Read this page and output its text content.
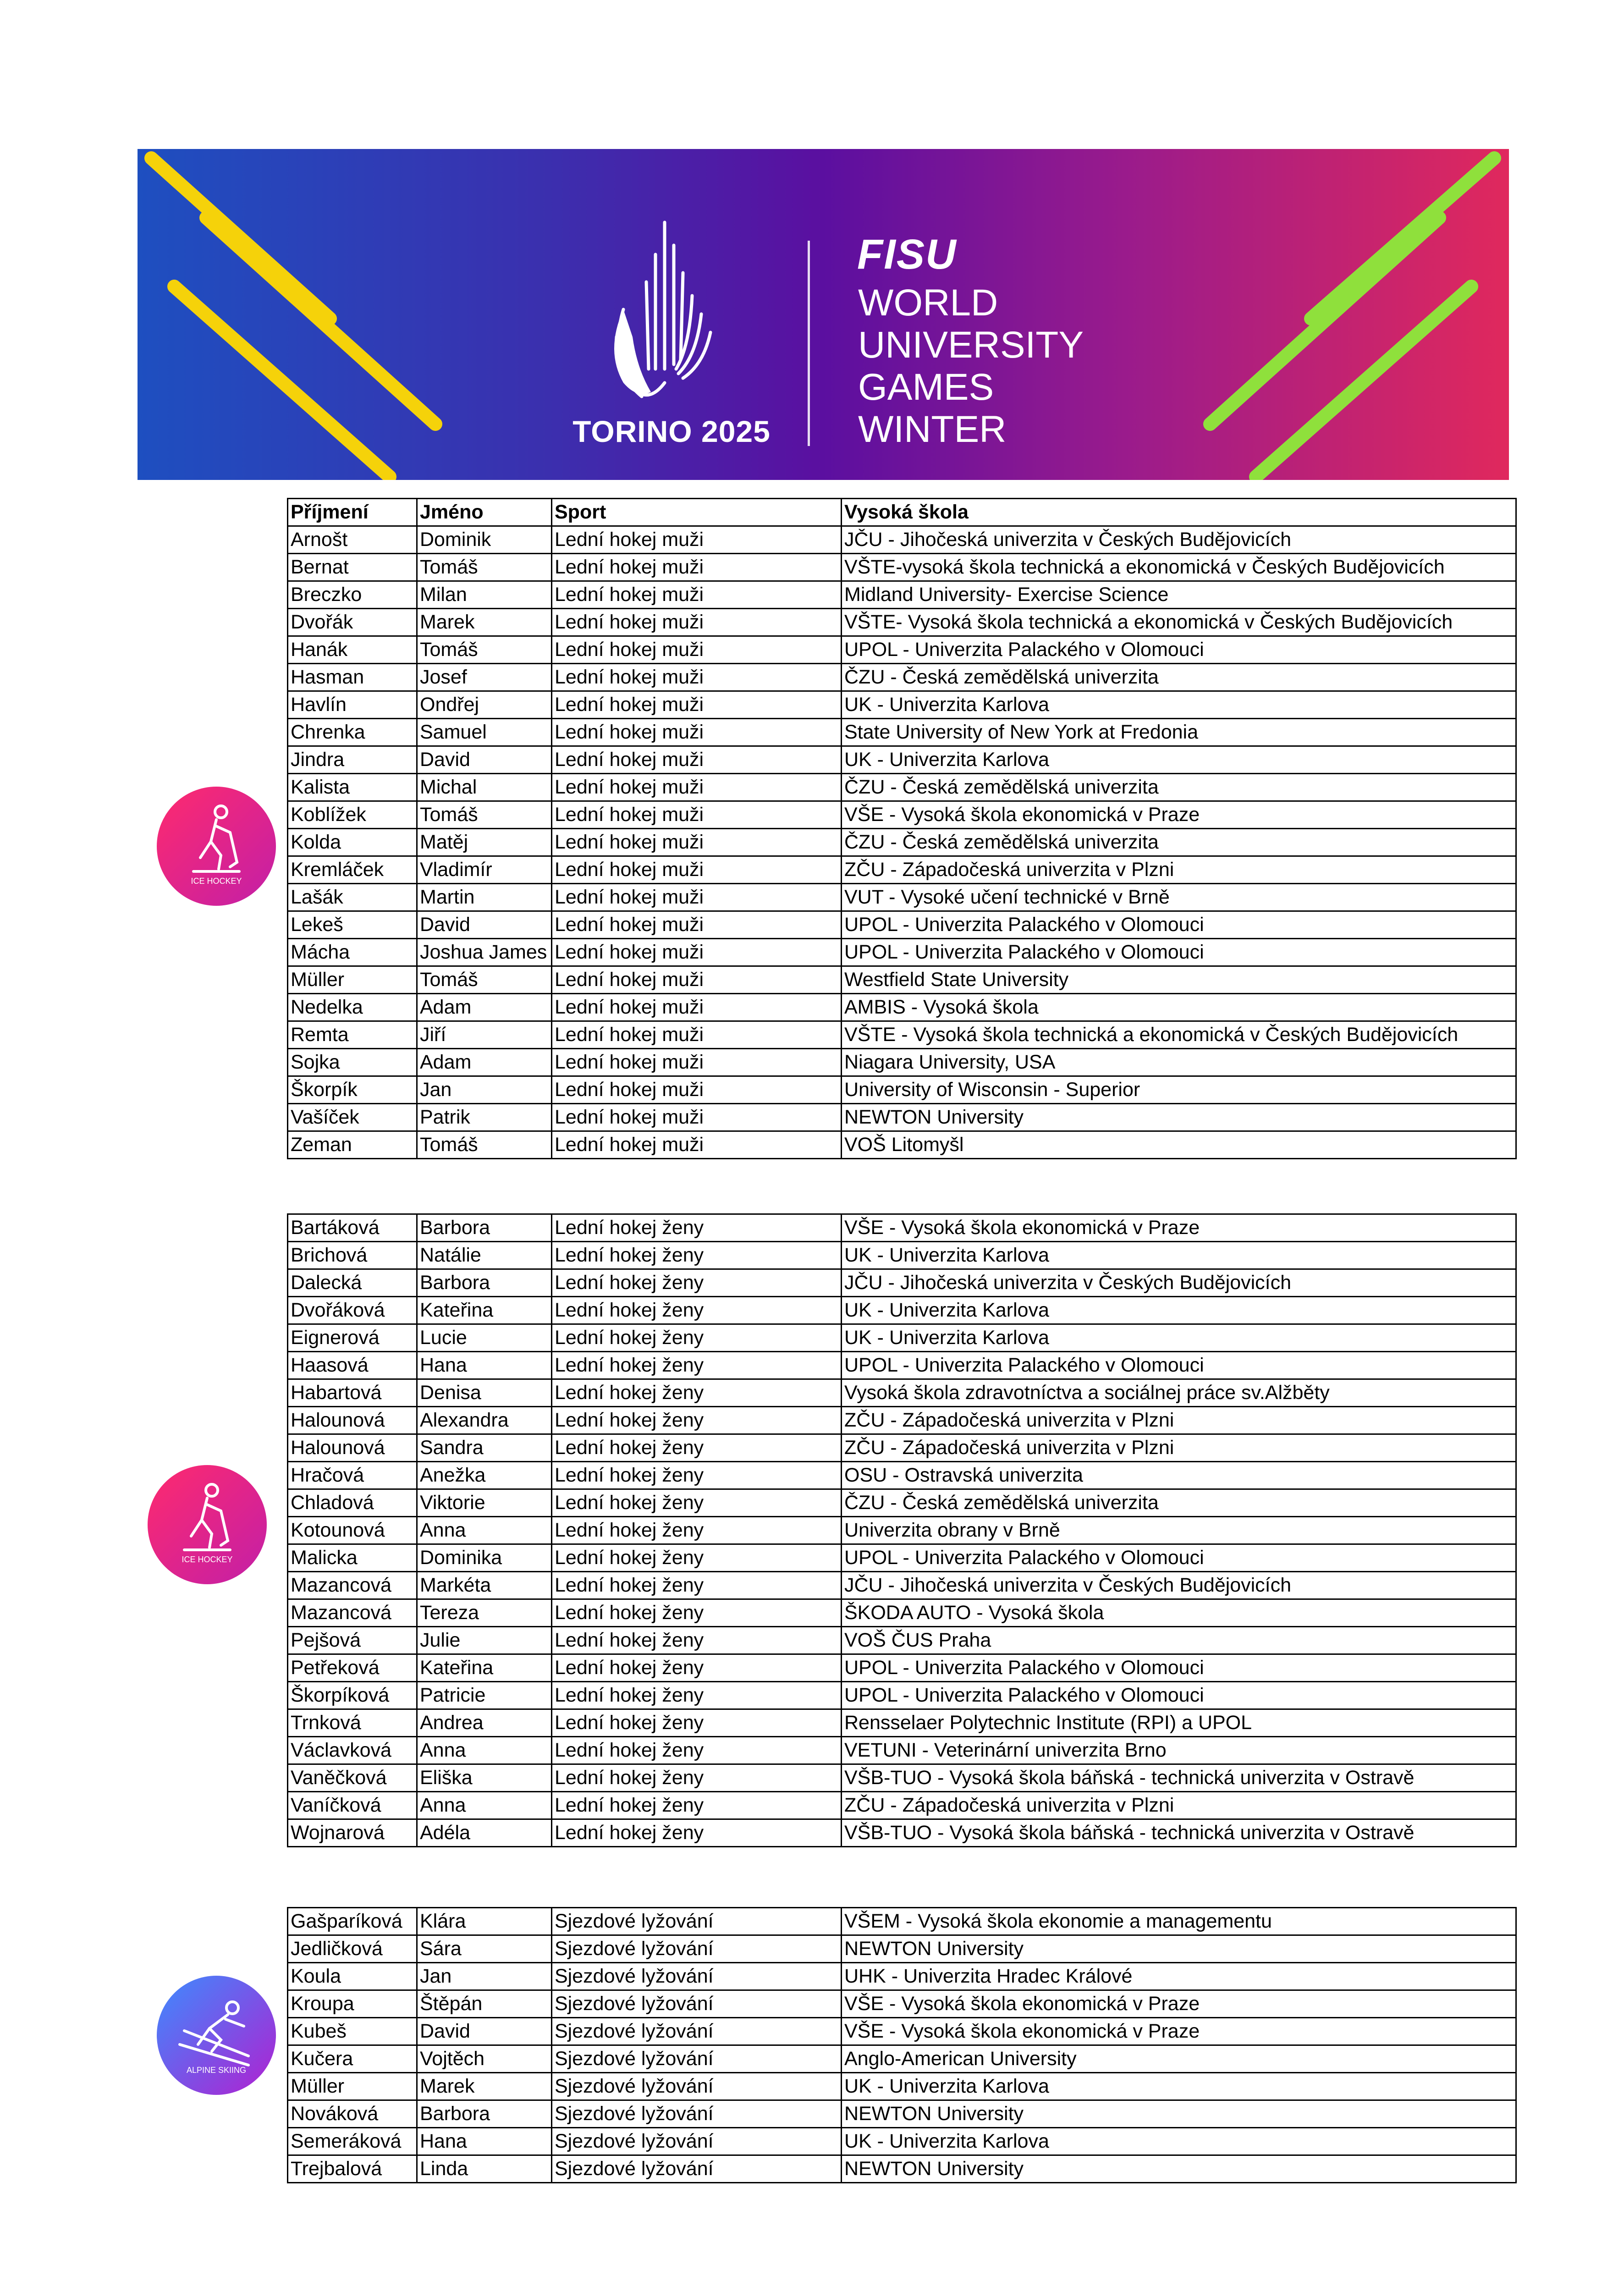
TORINO 2025
FISU
WORLD
UNIVERSITY
GAMES
WINTER
ICE HOCKEY
ICE HOCKEY
ALPINE SKIING
Příjmení	Jméno	Sport	Vysoká škola
Arnošt	Dominik	Lední hokej muži	JČU - Jihočeská univerzita v Českých Budějovicích
Bernat	Tomáš	Lední hokej muži	VŠTE-vysoká škola technická a ekonomická v Českých Budějovicích
Breczko	Milan	Lední hokej muži	Midland University- Exercise Science
Dvořák	Marek	Lední hokej muži	VŠTE- Vysoká škola technická a ekonomická v Českých Budějovicích
Hanák	Tomáš	Lední hokej muži	UPOL - Univerzita Palackého v Olomouci
Hasman	Josef	Lední hokej muži	ČZU - Česká zemědělská univerzita
Havlín	Ondřej	Lední hokej muži	UK - Univerzita Karlova
Chrenka	Samuel	Lední hokej muži	State University of New York at Fredonia
Jindra	David	Lední hokej muži	UK - Univerzita Karlova
Kalista	Michal	Lední hokej muži	ČZU - Česká zemědělská univerzita
Koblížek	Tomáš	Lední hokej muži	VŠE - Vysoká škola ekonomická v Praze
Kolda	Matěj	Lední hokej muži	ČZU - Česká zemědělská univerzita
Kremláček	Vladimír	Lední hokej muži	ZČU - Západočeská univerzita v Plzni
Lašák	Martin	Lední hokej muži	VUT - Vysoké učení technické v Brně
Lekeš	David	Lední hokej muži	UPOL - Univerzita Palackého v Olomouci
Mácha	Joshua James	Lední hokej muži	UPOL - Univerzita Palackého v Olomouci
Müller	Tomáš	Lední hokej muži	Westfield State University
Nedelka	Adam	Lední hokej muži	AMBIS - Vysoká škola
Remta	Jiří	Lední hokej muži	VŠTE - Vysoká škola technická a ekonomická v Českých Budějovicích
Sojka	Adam	Lední hokej muži	Niagara University, USA
Škorpík	Jan	Lední hokej muži	University of Wisconsin - Superior
Vašíček	Patrik	Lední hokej muži	NEWTON University
Zeman	Tomáš	Lední hokej muži	VOŠ Litomyšl
Bartáková	Barbora	Lední hokej ženy	VŠE - Vysoká škola ekonomická v Praze
Brichová	Natálie	Lední hokej ženy	UK - Univerzita Karlova
Dalecká	Barbora	Lední hokej ženy	JČU - Jihočeská univerzita v Českých Budějovicích
Dvořáková	Kateřina	Lední hokej ženy	UK - Univerzita Karlova
Eignerová	Lucie	Lední hokej ženy	UK - Univerzita Karlova
Haasová	Hana	Lední hokej ženy	UPOL - Univerzita Palackého v Olomouci
Habartová	Denisa	Lední hokej ženy	Vysoká škola zdravotníctva a sociálnej práce sv.Alžběty
Halounová	Alexandra	Lední hokej ženy	ZČU - Západočeská univerzita v Plzni
Halounová	Sandra	Lední hokej ženy	ZČU - Západočeská univerzita v Plzni
Hračová	Anežka	Lední hokej ženy	OSU - Ostravská univerzita
Chladová	Viktorie	Lední hokej ženy	ČZU - Česká zemědělská univerzita
Kotounová	Anna	Lední hokej ženy	Univerzita obrany v Brně
Malicka	Dominika	Lední hokej ženy	UPOL - Univerzita Palackého v Olomouci
Mazancová	Markéta	Lední hokej ženy	JČU - Jihočeská univerzita v Českých Budějovicích
Mazancová	Tereza	Lední hokej ženy	ŠKODA AUTO - Vysoká škola
Pejšová	Julie	Lední hokej ženy	VOŠ ČUS Praha
Petřeková	Kateřina	Lední hokej ženy	UPOL - Univerzita Palackého v Olomouci
Škorpíková	Patricie	Lední hokej ženy	UPOL - Univerzita Palackého v Olomouci
Trnková	Andrea	Lední hokej ženy	Rensselaer Polytechnic Institute (RPI) a UPOL
Václavková	Anna	Lední hokej ženy	VETUNI - Veterinární univerzita Brno
Vaněčková	Eliška	Lední hokej ženy	VŠB-TUO - Vysoká škola báňská - technická univerzita v Ostravě
Vaníčková	Anna	Lední hokej ženy	ZČU - Západočeská univerzita v Plzni
Wojnarová	Adéla	Lední hokej ženy	VŠB-TUO - Vysoká škola báňská - technická univerzita v Ostravě
Gašparíková	Klára	Sjezdové lyžování	VŠEM - Vysoká škola ekonomie a managementu
Jedličková	Sára	Sjezdové lyžování	NEWTON University
Koula	Jan	Sjezdové lyžování	UHK - Univerzita Hradec Králové
Kroupa	Štěpán	Sjezdové lyžování	VŠE - Vysoká škola ekonomická v Praze
Kubeš	David	Sjezdové lyžování	VŠE - Vysoká škola ekonomická v Praze
Kučera	Vojtěch	Sjezdové lyžování	Anglo-American University
Müller	Marek	Sjezdové lyžování	UK - Univerzita Karlova
Nováková	Barbora	Sjezdové lyžování	NEWTON University
Semeráková	Hana	Sjezdové lyžování	UK - Univerzita Karlova
Trejbalová	Linda	Sjezdové lyžování	NEWTON University
